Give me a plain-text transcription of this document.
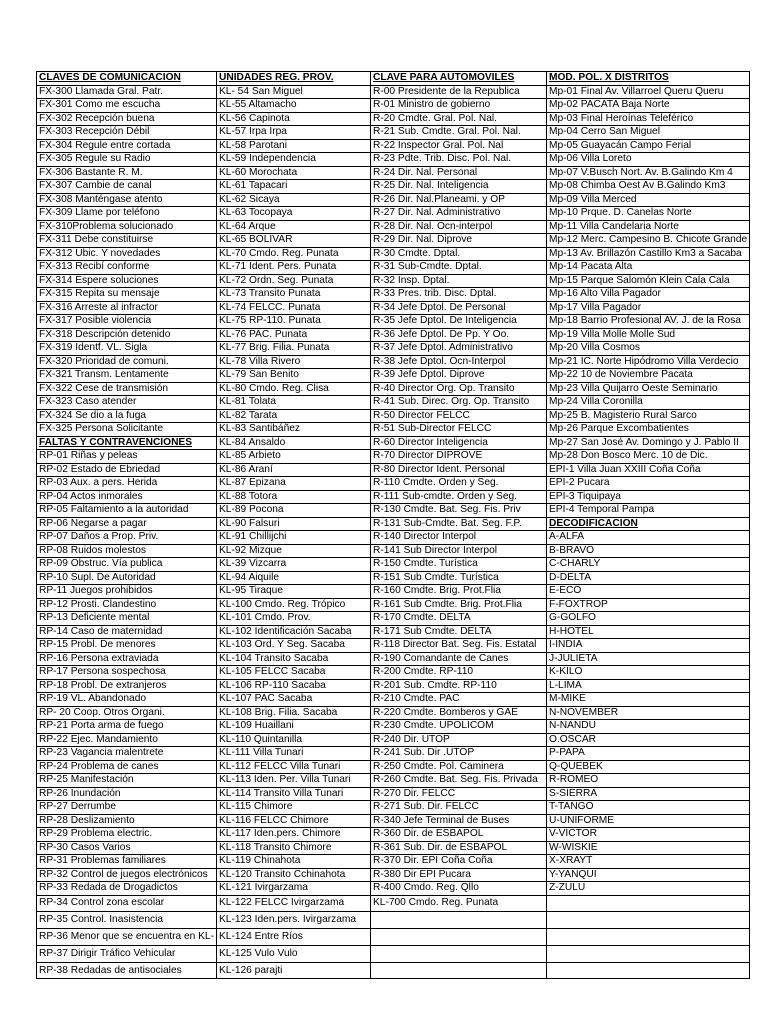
CLAVES DE COMUNICACION	UNIDADES REG. PROV.	CLAVE PARA AUTOMOVILES	MOD. POL. X DISTRITOS
FX-300 Llamada Gral. Patr.	KL- 54 San Miguel	R-00 Presidente de la Republica	Mp-01 Final Av. Villarroel Queru Queru
FX-301 Como me escucha	KL-55 Altamacho	R-01 Ministro de gobierno	Mp-02 PACATA Baja Norte
FX-302 Recepción buena	KL-56 Capinota	R-20 Cmdte. Gral. Pol. Nal.	Mp-03 Final Heroínas Teleférico
FX-303 Recepción Débil	KL-57 Irpa Irpa	R-21 Sub. Cmdte. Gral. Pol. Nal.	Mp-04 Cerro San Miguel
FX-304 Regule entre cortada	KL-58 Parotani	R-22 Inspector Gral. Pol. Nal	Mp-05 Guayacán Campo Ferial
FX-305 Regule su Radio	KL-59 Independencia	R-23 Pdte. Trib. Disc. Pol. Nal.	Mp-06 Villa Loreto
FX-306 Bastante R. M.	KL-60 Morochata	R-24 Dir. Nal. Personal	Mp-07 V.Busch Nort. Av. B.Galindo Km 4
FX-307 Cambie de canal	KL-61 Tapacari	R-25 Dir. Nal. Inteligencia	Mp-08 Chimba Oest Av B.Galindo Km3
FX-308 Manténgase atento	KL-62 Sicaya	R-26 Dir. Nal.Planeami. y OP	Mp-09 Villa Merced
FX-309 Llame por teléfono	KL-63 Tocopaya	R-27 Dir. Nal. Administrativo	Mp-10 Prque. D. Canelas Norte
FX-310Problema solucionado	KL-64 Arque	R-28 Dir. Nal. Ocn-interpol	Mp-11 Villa Candelaria Norte
FX-311 Debe constituirse	KL-65 BOLIVAR	R-29 Dir. Nal. Diprove	Mp-12 Merc. Campesino B. Chicote Grande
FX-312 Ubic. Y novedades	KL-70 Cmdo. Reg. Punata	R-30 Cmdte. Dptal.	Mp-13 Av. Brillazón Castillo Km3 a Sacaba
FX-313 Recibí conforme	KL-71 Ident. Pers. Punata	R-31 Sub-Cmdte. Dptal.	Mp-14 Pacata Alta
FX-314 Espere soluciones	KL-72 Ordn. Seg. Punata	R-32 Insp. Dptal.	Mp-15 Parque Salomón Klein Cala Cala
FX-315 Repita su mensaje	KL-73 Transito Punata	R-33 Pres. trib. Disc. Dptal.	Mp-16 Alto Villa Pagador
FX-316 Arreste al infractor	KL-74 FELCC. Punata	R-34 Jefe Dptol. De Personal	Mp-17 Villa Pagador
FX-317 Posible violencia	KL-75 RP-110. Punata	R-35 Jefe Dptol. De Inteligencia	Mp-18 Barrio Profesional AV. J. de la Rosa
FX-318 Descripción detenido	KL-76 PAC. Punata	R-36 Jefe Dptol. De Pp. Y Oo.	Mp-19 Villa Molle Molle Sud
FX-319 Identf. VL. Sigla	KL-77 Brig. Filia. Punata	R-37 Jefe Dptol. Administrativo	Mp-20 Villa Cosmos
FX-320 Prioridad de comuni.	KL-78 Villa Rivero	R-38 Jefe Dptol. Ocn-Interpol	Mp-21 IC. Norte Hipódromo Villa Verdecio
FX-321 Transm. Lentamente	KL-79 San Benito	R-39 Jefe Dptol. Diprove	Mp-22 10 de Noviembre Pacata
FX-322 Cese de transmisión	KL-80 Cmdo. Reg. Clisa	R-40 Director Org. Op. Transito	Mp-23 Villa Quijarro Oeste Seminario
FX-323 Caso atender	KL-81 Tolata	R-41 Sub. Direc. Org. Op. Transito	Mp-24 Villa Coronilla
FX-324 Se dio a la fuga	KL-82 Tarata	R-50 Director FELCC	Mp-25 B. Magisterio Rural Sarco
FX-325 Persona Solicitante	KL-83 Santibáñez	R-51 Sub-Director FELCC	Mp-26 Parque Excombatientes
FALTAS Y CONTRAVENCIONES	KL-84 Ansaldo	R-60 Director Inteligencia	Mp-27 San José Av. Domingo y J. Pablo II
RP-01 Riñas y peleas	KL-85 Arbieto	R-70 Director DIPROVE	Mp-28 Don Bosco Merc. 10 de Dic.
RP-02 Estado de Ebriedad	KL-86 Araní	R-80 Director Ident. Personal	EPI-1 Villa Juan XXIII Coña Coña
RP-03 Aux. a pers. Herida	KL-87 Epizana	R-110 Cmdte. Orden y Seg.	EPI-2 Pucara
RP-04 Actos inmorales	KL-88 Totora	R-111 Sub-cmdte. Orden y Seg.	EPI-3 Tiquipaya
RP-05 Faltamiento a la autoridad	KL-89 Pocona	R-130 Cmdte. Bat. Seg. Fis. Priv	EPI-4 Temporal Pampa
RP-06 Negarse a pagar	KL-90 Falsuri	R-131 Sub-Cmdte. Bat. Seg. F.P.	DECODIFICACION
RP-07 Daños a Prop. Priv.	KL-91 Chillijchi	R-140 Director Interpol	A-ALFA
RP-08 Ruidos molestos	KL-92 Mizque	R-141 Sub Director Interpol	B-BRAVO
RP-09 Obstruc. Vía publica	KL-39 Vizcarra	R-150 Cmdte. Turística	C-CHARLY
RP-10 Supl. De Autoridad	KL-94 Aiquile	R-151 Sub Cmdte. Turística	D-DELTA
RP-11 Juegos prohibidos	KL-95 Tiraque	R-160 Cmdte. Brig. Prot.Flia	E-ECO
RP-12 Prosti. Clandestino	KL-100 Cmdo. Reg. Trópico	R-161 Sub Cmdte. Brig. Prot.Flia	F-FOXTROP
RP-13 Deficiente mental	KL-101 Cmdo. Prov.	R-170 Cmdte. DELTA	G-GOLFO
RP-14 Caso de maternidad	KL-102 Identificación Sacaba	R-171 Sub Cmdte. DELTA	H-HOTEL
RP-15 Probl. De menores	KL-103 Ord. Y Seg. Sacaba	R-118 Director Bat. Seg. Fis. Estatal	I-INDIA
RP-16 Persona extraviada	KL-104 Transito Sacaba	R-190 Comandante de Canes	J-JULIETA
RP-17 Persona sospechosa	KL-105 FELCC Sacaba	R-200 Cmdte. RP-110	K-KILO
RP-18 Probl. De extranjeros	KL-106 RP-110 Sacaba	R-201 Sub. Cmdte. RP-110	L-LIMA
RP-19 VL. Abandonado	KL-107 PAC Sacaba	R-210 Cmdte. PAC	M-MIKE
RP- 20 Coop. Otros Organi.	KL-108 Brig. Filia. Sacaba	R-220 Cmdte. Bomberos y GAE	N-NOVEMBER
RP-21 Porta arma de fuego	KL-109 Huaillani	R-230 Cmdte. UPOLICOM	Ñ-ÑANDU
RP-22 Ejec. Mandamiento	KL-110 Quintanilla	R-240 Dir. UTOP	O.OSCAR
RP-23 Vagancia malentrete	KL-111 Villa Tunari	R-241 Sub. Dir .UTOP	P-PAPA
RP-24 Problema de canes	KL-112 FELCC Villa Tunari	R-250 Cmdte. Pol. Caminera	Q-QUEBEK
RP-25 Manifestación	KL-113 Iden. Per. Villa Tunari	R-260 Cmdte. Bat. Seg. Fis. Privada	R-ROMEO
RP-26 Inundación	KL-114 Transito Villa Tunari	R-270 Dir. FELCC	S-SIERRA
RP-27 Derrumbe	KL-115 Chimore	R-271 Sub. Dir. FELCC	T-TANGO
RP-28 Deslizamiento	KL-116 FELCC Chimore	R-340 Jefe Terminal de Buses	U-UNIFORME
RP-29 Problema electric.	KL-117 Iden.pers. Chimore	R-360 Dir. de ESBAPOL	V-VICTOR
RP-30 Casos Varios	KL-118 Transito Chimore	R-361 Sub. Dir. de ESBAPOL	W-WISKIE
RP-31 Problemas familiares	KL-119 Chinahota	R-370 Dir. EPI Coña Coña	X-XRAYT
RP-32 Control de juegos electrónicos	KL-120 Transito Cchinahota	R-380 Dir EPI Pucara	Y-YANQUI
RP-33 Redada de Drogadictos	KL-121 Ivirgarzama	R-400 Cmdo. Reg. Qllo	Z-ZULU
RP-34 Control zona escolar	KL-122 FELCC Ivirgarzama	KL-700 Cmdo. Reg. Punata	
RP-35 Control. Inasistencia	KL-123 Iden.pers. Ivirgarzama		
RP-36 Menor que se encuentra en KL-	KL-124 Entre Ríos		
RP-37 Dirigir Tráfico Vehicular	KL-125 Vulo Vulo		
RP-38 Redadas de antisociales	KL-126 parajti		
